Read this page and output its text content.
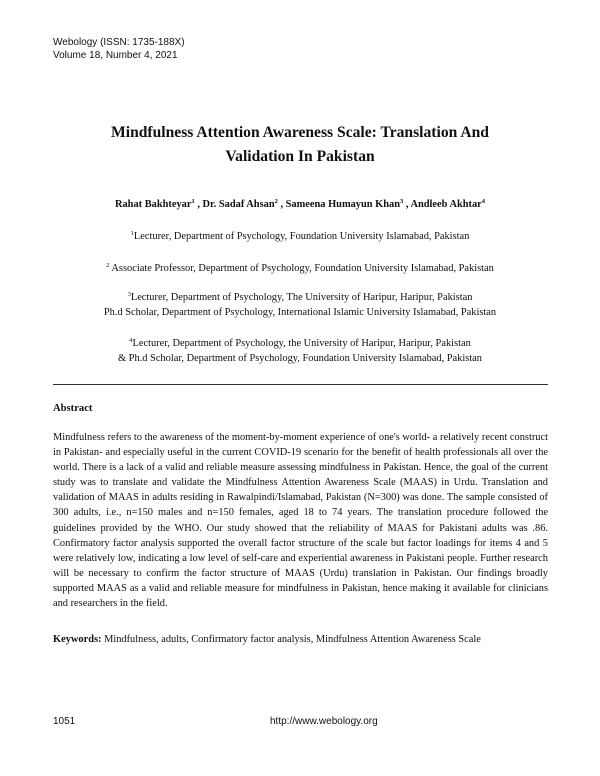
Webology (ISSN: 1735-188X)
Volume 18, Number 4, 2021
Mindfulness Attention Awareness Scale: Translation And
Validation In Pakistan
Rahat Bakhteyar$^1$ , Dr. Sadaf Ahsan$^2$ , Sameena Humayun Khan$^3$ , Andleeb Akhtar$^4$
$^1$Lecturer, Department of Psychology, Foundation University Islamabad, Pakistan
$^2$ Associate Professor, Department of Psychology, Foundation University Islamabad, Pakistan
$^3$Lecturer, Department of Psychology, The University of Haripur, Haripur, Pakistan
Ph.d Scholar, Department of Psychology, International Islamic University Islamabad, Pakistan
$^4$Lecturer, Department of Psychology, the University of Haripur, Haripur, Pakistan
& Ph.d Scholar, Department of Psychology, Foundation University Islamabad, Pakistan
Abstract
Mindfulness refers to the awareness of the moment-by-moment experience of one's world- a relatively recent construct in Pakistan- and especially useful in the current COVID-19 scenario for the benefit of health professionals all over the world. There is a lack of a valid and reliable measure assessing mindfulness in Pakistan. Hence, the goal of the current study was to translate and validate the Mindfulness Attention Awareness Scale (MAAS) in Urdu. Translation and validation of MAAS in adults residing in Rawalpindi/Islamabad, Pakistan (N=300) was done. The sample consisted of 300 adults, i.e., n=150 males and n=150 females, aged 18 to 74 years. The translation procedure followed the guidelines provided by the WHO. Our study showed that the reliability of MAAS for Pakistani adults was .86. Confirmatory factor analysis supported the overall factor structure of the scale but factor loadings for items 4 and 5 were relatively low, indicating a low level of self-care and experiential awareness in Pakistani people. Further research will be necessary to confirm the factor structure of MAAS (Urdu) translation in Pakistan. Our findings broadly supported MAAS as a valid and reliable measure for mindfulness in Pakistan, hence making it available for clinicians and researchers in the field.
Keywords: Mindfulness, adults, Confirmatory factor analysis, Mindfulness Attention Awareness Scale
1051	http://www.webology.org
